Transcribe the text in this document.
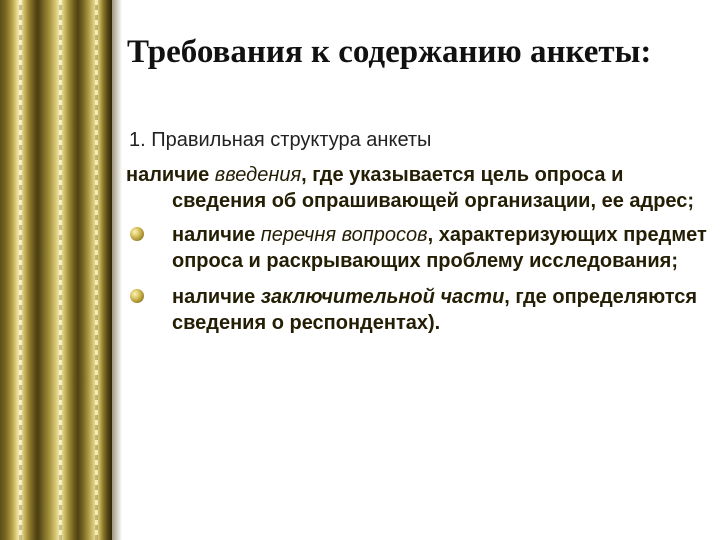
Требования к содержанию анкеты:
1. Правильная структура анкеты

наличие введения, где указывается цель опроса и сведения об опрашивающей организации, ее адрес;

наличие перечня вопросов, характеризующих предмет опроса и раскрывающих проблему исследования;
наличие заключительной части, где определяются сведения о респондентах).
